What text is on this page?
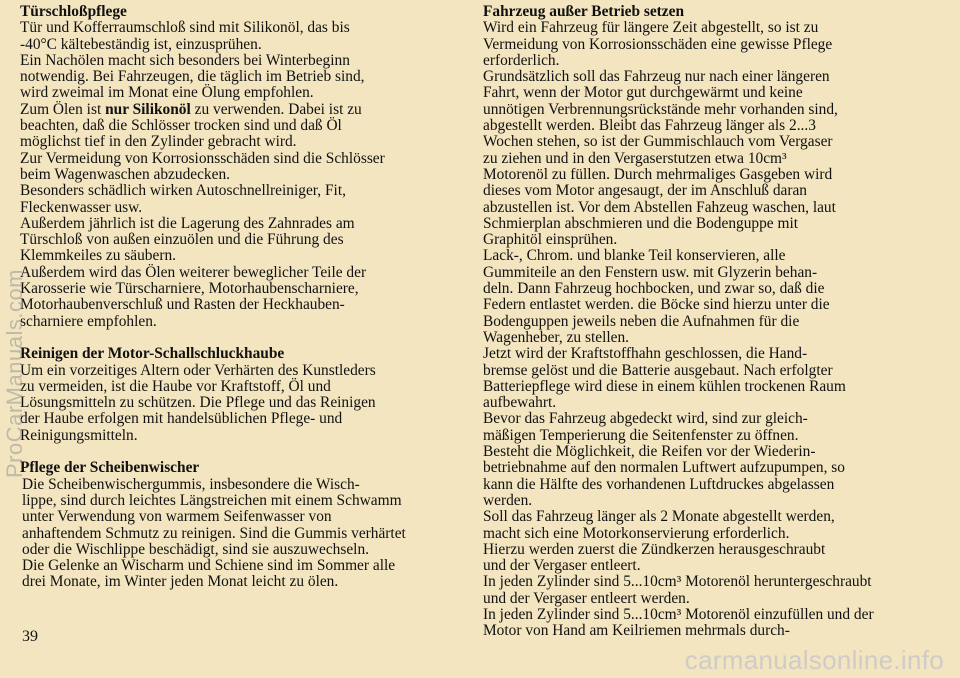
Türschloßpflege
Tür und Kofferraumschloß sind mit Silikonöl, das bis
-40°C kältebeständig ist, einzusprühen.
Ein Nachölen macht sich besonders bei Winterbeginn
notwendig. Bei Fahrzeugen, die täglich im Betrieb sind,
wird zweimal im Monat eine Ölung empfohlen.
Zum Ölen ist nur Silikonöl zu verwenden. Dabei ist zu
beachten, daß die Schlösser trocken sind und daß Öl
möglichst tief in den Zylinder gebracht wird.
Zur Vermeidung von Korrosionsschäden sind die Schlösser
beim Wagenwaschen abzudecken.
Besonders schädlich wirken Autoschnellreiniger, Fit,
Fleckenwasser usw.
Außerdem jährlich ist die Lagerung des Zahnrades am
Türschloß von außen einzuölen und die Führung des
Klemmkeiles zu säubern.
Außerdem wird das Ölen weiterer beweglicher Teile der
Karosserie wie Türscharniere, Motorhaubenscharniere,
Motorhaubenverschluß und Rasten der Heckhauben-
scharniere empfohlen.
Reinigen der Motor-Schallschluckhaube
Um ein vorzeitiges Altern oder Verhärten des Kunstleders
zu vermeiden, ist die Haube vor Kraftstoff, Öl und
Lösungsmitteln zu schützen. Die Pflege und das Reinigen
der Haube erfolgen mit handelsüblichen Pflege- und
Reinigungsmitteln.
Pflege der Scheibenwischer
Die Scheibenwischergummis, insbesondere die Wisch-
lippe, sind durch leichtes Längstreichen mit einem Schwamm
unter Verwendung von warmem Seifenwasser von
anhaftendem Schmutz zu reinigen. Sind die Gummis verhärtet
oder die Wischlippe beschädigt, sind sie auszuwechseln.
Die Gelenke an Wischarm und Schiene sind im Sommer alle
drei Monate, im Winter jeden Monat leicht zu ölen.
Fahrzeug außer Betrieb setzen
Wird ein Fahrzeug für längere Zeit abgestellt, so ist zu
Vermeidung von Korrosionsschäden eine gewisse Pflege
erforderlich.
Grundsätzlich soll das Fahrzeug nur nach einer längeren
Fahrt, wenn der Motor gut durchgewärmt und keine
unnötigen Verbrennungsrückstände mehr vorhanden sind,
abgestellt werden. Bleibt das Fahrzeug länger als 2...3
Wochen stehen, so ist der Gummischlauch vom Vergaser
zu ziehen und in den Vergaserstutzen etwa 10cm³
Motorenöl zu füllen. Durch mehrmaliges Gasgeben wird
dieses vom Motor angesaugt, der im Anschluß daran
abzustellen ist. Vor dem Abstellen Fahzeug waschen, laut
Schmierplan abschmieren und die Bodenguppe mit
Graphitöl einsprühen.
Lack-, Chrom. und blanke Teil konservieren, alle
Gummiteile an den Fenstern usw. mit Glyzerin behan-
deln. Dann Fahrzeug hochbocken, und zwar so, daß die
Federn entlastet werden. die Böcke sind hierzu unter die
Bodenguppen jeweils neben die Aufnahmen für die
Wagenheber, zu stellen.
Jetzt wird der Kraftstoffhahn geschlossen, die Hand-
bremse gelöst und die Batterie ausgebaut. Nach erfolgter
Batteriepflege wird diese in einem kühlen trockenen Raum
aufbewahrt.
Bevor das Fahrzeug abgedeckt wird, sind zur gleich-
mäßigen Temperierung die Seitenfenster zu öffnen.
Besteht die Möglichkeit, die Reifen vor der Wiederin-
betriebnahme auf den normalen Luftwert aufzupumpen, so
kann die Hälfte des vorhandenen Luftdruckes abgelassen
werden.
Soll das Fahrzeug länger als 2 Monate abgestellt werden,
macht sich eine Motorkonservierung erforderlich.
Hierzu werden zuerst die Zündkerzen herausgeschraubt
und der Vergaser entleert.
In jeden Zylinder sind 5...10cm³ Motorenöl heruntergeschraubt
und der Vergaser entleert werden.
In jeden Zylinder sind 5...10cm³ Motorenöl einzufüllen und der
Motor von Hand am Keilriemen mehrmals durch-
39
ProCarManuals.com
carmanualsonline.info
